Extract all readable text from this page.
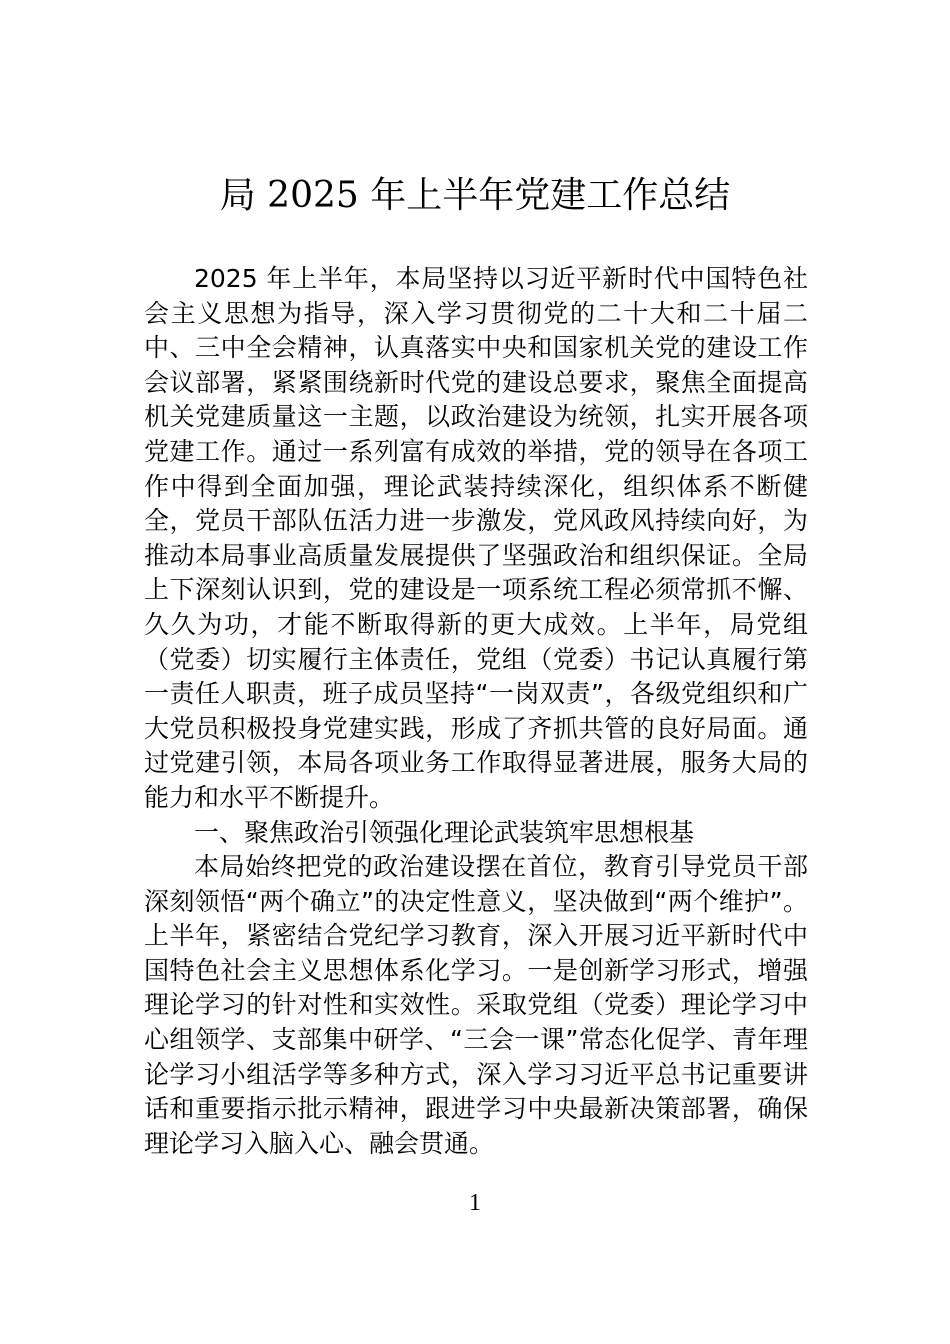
局 2025 年上半年党建工作总结

2025 年上半年，本局坚持以习近平新时代中国特色社会主义思想为指导，深入学习贯彻党的二十大和二十届二中、三中全会精神，认真落实中央和国家机关党的建设工作会议部署，紧紧围绕新时代党的建设总要求，聚焦全面提高机关党建质量这一主题，以政治建设为统领，扎实开展各项党建工作。通过一系列富有成效的举措，党的领导在各项工作中得到全面加强，理论武装持续深化，组织体系不断健全，党员干部队伍活力进一步激发，党风政风持续向好，为推动本局事业高质量发展提供了坚强政治和组织保证。全局上下深刻认识到，党的建设是一项系统工程必须常抓不懈、久久为功，才能不断取得新的更大成效。上半年，局党组（党委）切实履行主体责任，党组（党委）书记认真履行第一责任人职责，班子成员坚持“一岗双责”，各级党组织和广大党员积极投身党建实践，形成了齐抓共管的良好局面。通过党建引领，本局各项业务工作取得显著进展，服务大局的能力和水平不断提升。

一、聚焦政治引领强化理论武装筑牢思想根基

本局始终把党的政治建设摆在首位，教育引导党员干部深刻领悟“两个确立”的决定性意义，坚决做到“两个维护”。上半年，紧密结合党纪学习教育，深入开展习近平新时代中国特色社会主义思想体系化学习。一是创新学习形式，增强理论学习的针对性和实效性。采取党组（党委）理论学习中心组领学、支部集中研学、“三会一课”常态化促学、青年理论学习小组活学等多种方式，深入学习习近平总书记重要讲话和重要指示批示精神，跟进学习中央最新决策部署，确保理论学习入脑入心、融会贯通。

1
